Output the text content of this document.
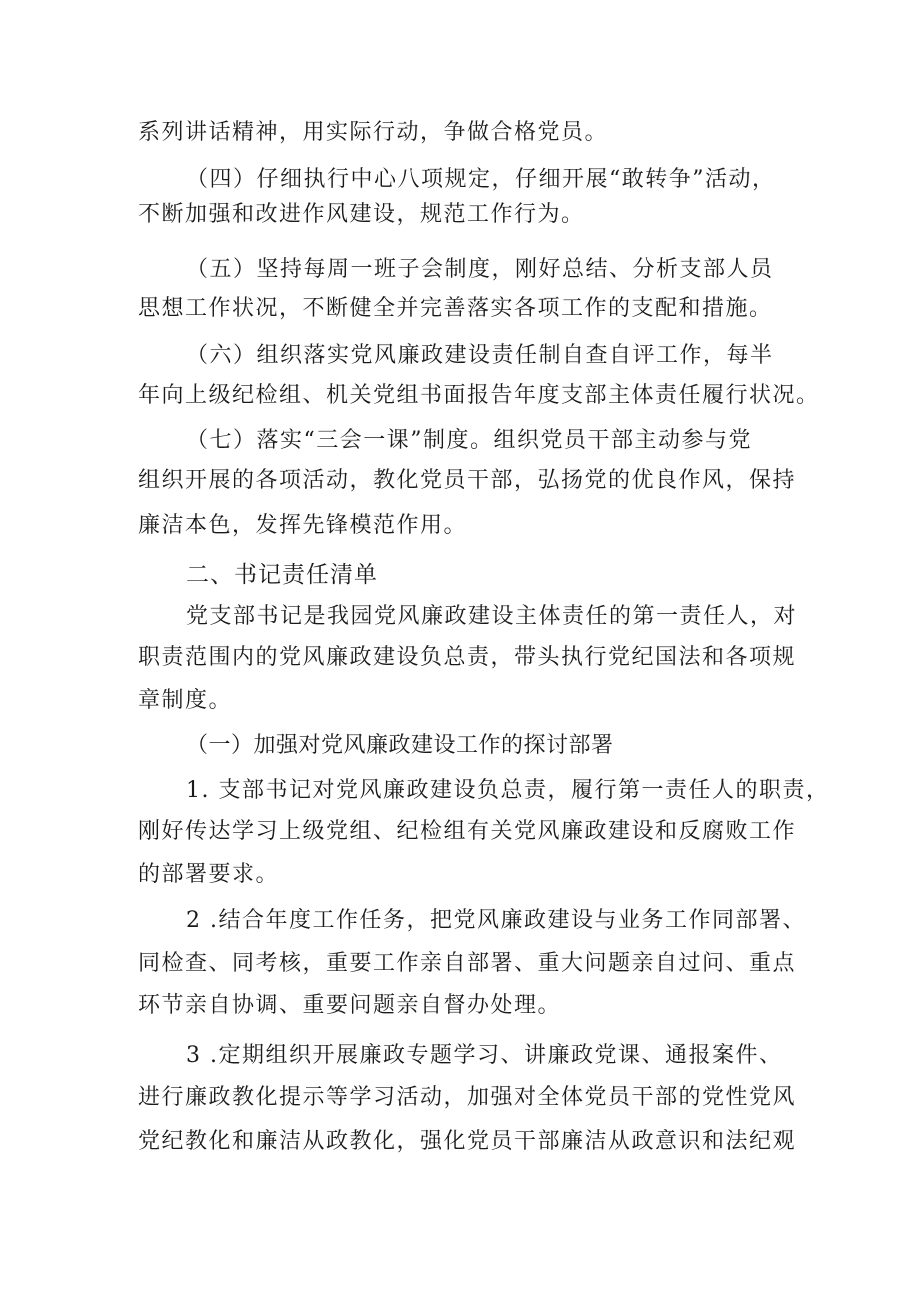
系列讲话精神，用实际行动，争做合格党员。
（四）仔细执行中心八项规定，仔细开展“敢转争”活动，
不断加强和改进作风建设，规范工作行为。
（五）坚持每周一班子会制度，刚好总结、分析支部人员
思想工作状况，不断健全并完善落实各项工作的支配和措施。
（六）组织落实党风廉政建设责任制自查自评工作，每半
年向上级纪检组、机关党组书面报告年度支部主体责任履行状况。
（七）落实“三会一课”制度。组织党员干部主动参与党
组织开展的各项活动，教化党员干部，弘扬党的优良作风，保持
廉洁本色，发挥先锋模范作用。
二、书记责任清单
党支部书记是我园党风廉政建设主体责任的第一责任人，对
职责范围内的党风廉政建设负总责，带头执行党纪国法和各项规
章制度。
（一）加强对党风廉政建设工作的探讨部署
1. 支部书记对党风廉政建设负总责，履行第一责任人的职责，
刚好传达学习上级党组、纪检组有关党风廉政建设和反腐败工作
的部署要求。
2 .结合年度工作任务，把党风廉政建设与业务工作同部署、
同检查、同考核，重要工作亲自部署、重大问题亲自过问、重点
环节亲自协调、重要问题亲自督办处理。
3 .定期组织开展廉政专题学习、讲廉政党课、通报案件、
进行廉政教化提示等学习活动，加强对全体党员干部的党性党风
党纪教化和廉洁从政教化，强化党员干部廉洁从政意识和法纪观
